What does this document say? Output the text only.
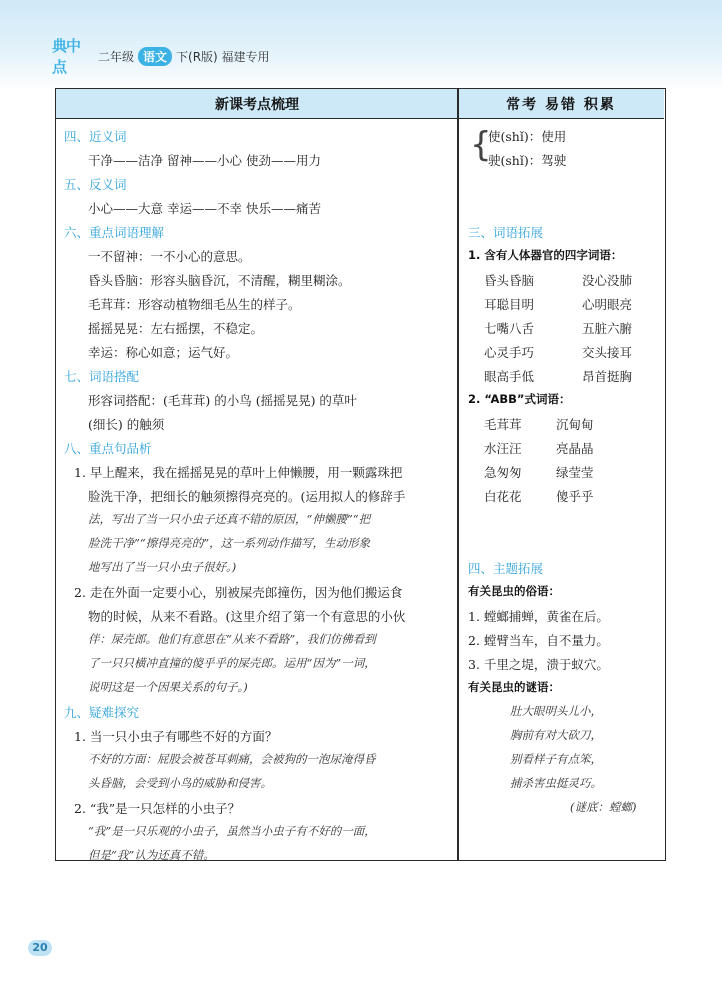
典中点
二年级 语文 下(R版) 福建专用
新课考点梳理	常考 易错 积累
四、近义词
干净——洁净 留神——小心 使劲——用力
五、反义词
小心——大意 幸运——不幸 快乐——痛苦
六、重点词语理解
一不留神：一不小心的意思。
昏头昏脑：形容头脑昏沉，不清醒，糊里糊涂。
毛茸茸：形容动植物细毛丛生的样子。
摇摇晃晃：左右摇摆，不稳定。
幸运：称心如意；运气好。
七、词语搭配
形容词搭配：(毛茸茸) 的小鸟 (摇摇晃晃) 的草叶
(细长) 的触须
八、重点句品析
1. 早上醒来，我在摇摇晃晃的草叶上伸懒腰，用一颗露珠把
脸洗干净，把细长的触须擦得亮亮的。(运用拟人的修辞手
法，写出了当一只小虫子还真不错的原因，“伸懒腰”“把
脸洗干净”“擦得亮亮的”，这一系列动作描写，生动形象
地写出了当一只小虫子很好。)
2. 走在外面一定要小心，别被屎壳郎撞伤，因为他们搬运食
物的时候，从来不看路。(这里介绍了第一个有意思的小伙
伴：屎壳郎。他们有意思在“从来不看路”，我们仿佛看到
了一只只横冲直撞的傻乎乎的屎壳郎。运用“因为”一词，
说明这是一个因果关系的句子。)
九、疑难探究
1. 当一只小虫子有哪些不好的方面？
不好的方面：屁股会被苍耳刺痛，会被狗的一泡尿淹得昏
头昏脑，会受到小鸟的威胁和侵害。
2. “我”是一只怎样的小虫子？
“我”是一只乐观的小虫子，虽然当小虫子有不好的一面，
但是“我”认为还真不错。
{
使(shǐ)：使用
驶(shǐ)：驾驶
三、词语拓展
1. 含有人体器官的四字词语：
昏头昏脑	没心没肺
耳聪目明	心明眼亮
七嘴八舌	五脏六腑
心灵手巧	交头接耳
眼高手低	昂首挺胸
2. “ABB”式词语：
毛茸茸	沉甸甸
水汪汪	亮晶晶
急匆匆	绿莹莹
白花花	傻乎乎
四、主题拓展
有关昆虫的俗语：
1. 螳螂捕蝉，黄雀在后。
2. 螳臂当车，自不量力。
3. 千里之堤，溃于蚁穴。
有关昆虫的谜语：
肚大眼明头儿小，
胸前有对大砍刀，
别看样子有点笨，
捕杀害虫挺灵巧。
(谜底：螳螂)
20
